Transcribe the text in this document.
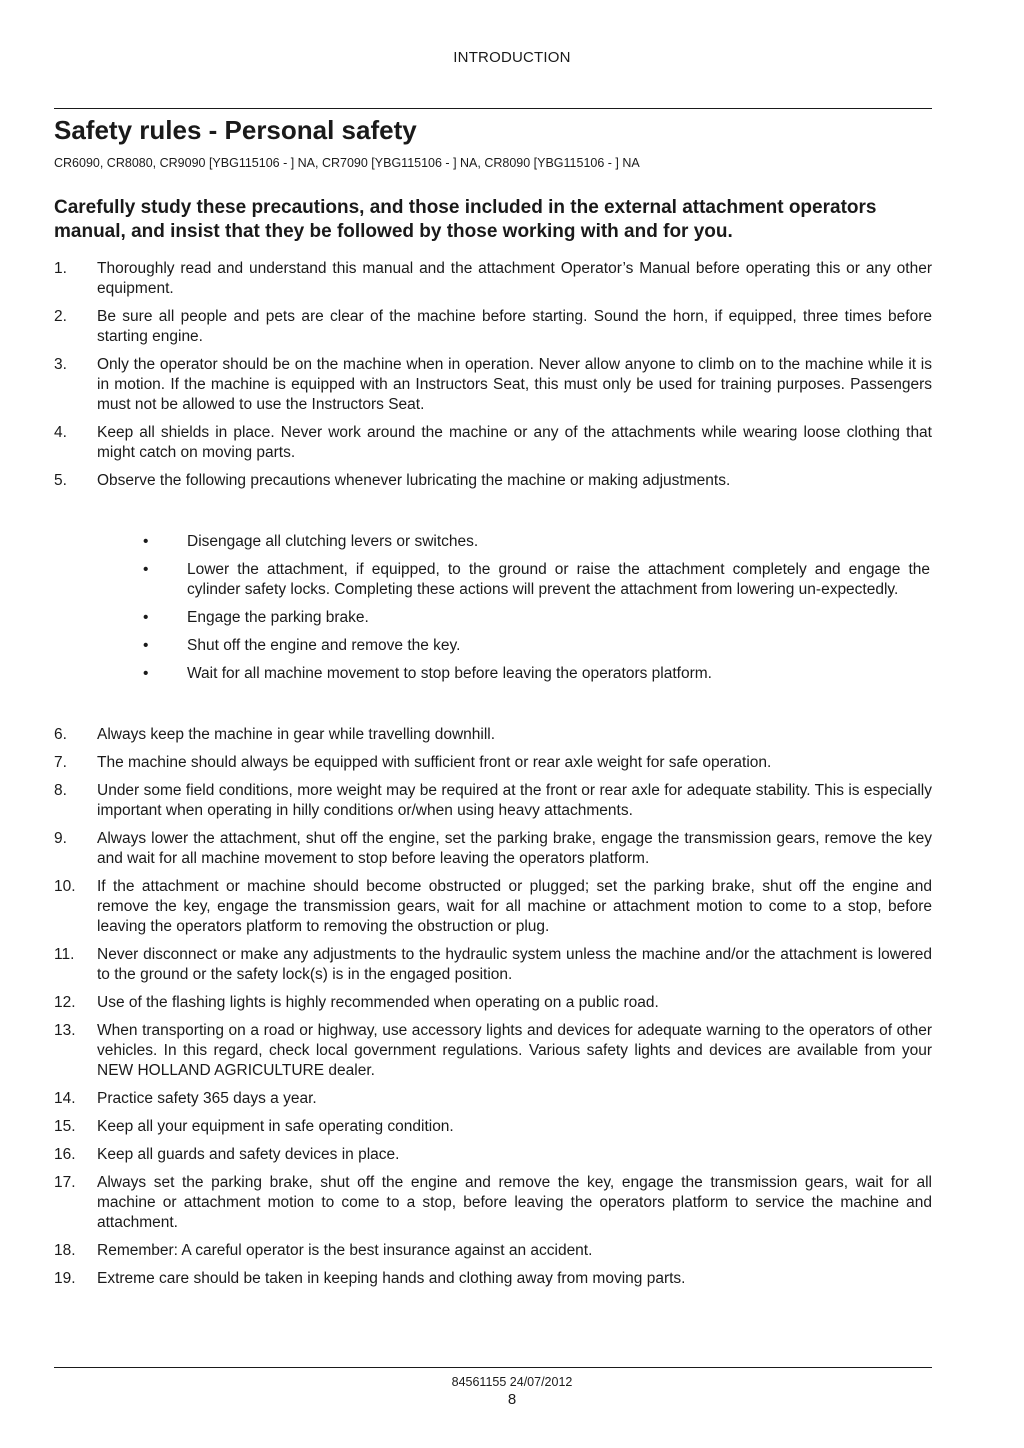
INTRODUCTION
Safety rules - Personal safety
CR6090, CR8080, CR9090 [YBG115106 - ] NA, CR7090 [YBG115106 - ] NA, CR8090 [YBG115106 - ] NA

Carefully study these precautions, and those included in the external attachment operators manual, and insist that they be followed by those working with and for you.

1. Thoroughly read and understand this manual and the attachment Operator’s Manual before operating this or any other equipment.
2. Be sure all people and pets are clear of the machine before starting. Sound the horn, if equipped, three times before starting engine.
3. Only the operator should be on the machine when in operation. Never allow anyone to climb on to the machine while it is in motion. If the machine is equipped with an Instructors Seat, this must only be used for training purposes. Passengers must not be allowed to use the Instructors Seat.
4. Keep all shields in place. Never work around the machine or any of the attachments while wearing loose clothing that might catch on moving parts.
5. Observe the following precautions whenever lubricating the machine or making adjustments.
• Disengage all clutching levers or switches.
• Lower the attachment, if equipped, to the ground or raise the attachment completely and engage the cylinder safety locks. Completing these actions will prevent the attachment from lowering un-expectedly.
• Engage the parking brake.
• Shut off the engine and remove the key.
• Wait for all machine movement to stop before leaving the operators platform.
6. Always keep the machine in gear while travelling downhill.
7. The machine should always be equipped with sufficient front or rear axle weight for safe operation.
8. Under some field conditions, more weight may be required at the front or rear axle for adequate stability. This is especially important when operating in hilly conditions or/when using heavy attachments.
9. Always lower the attachment, shut off the engine, set the parking brake, engage the transmission gears, remove the key and wait for all machine movement to stop before leaving the operators platform.
10. If the attachment or machine should become obstructed or plugged; set the parking brake, shut off the engine and remove the key, engage the transmission gears, wait for all machine or attachment motion to come to a stop, before leaving the operators platform to removing the obstruction or plug.
11. Never disconnect or make any adjustments to the hydraulic system unless the machine and/or the attachment is lowered to the ground or the safety lock(s) is in the engaged position.
12. Use of the flashing lights is highly recommended when operating on a public road.
13. When transporting on a road or highway, use accessory lights and devices for adequate warning to the operators of other vehicles. In this regard, check local government regulations. Various safety lights and devices are available from your NEW HOLLAND AGRICULTURE dealer.
14. Practice safety 365 days a year.
15. Keep all your equipment in safe operating condition.
16. Keep all guards and safety devices in place.
17. Always set the parking brake, shut off the engine and remove the key, engage the transmission gears, wait for all machine or attachment motion to come to a stop, before leaving the operators platform to service the machine and attachment.
18. Remember: A careful operator is the best insurance against an accident.
19. Extreme care should be taken in keeping hands and clothing away from moving parts.
84561155 24/07/2012
8
